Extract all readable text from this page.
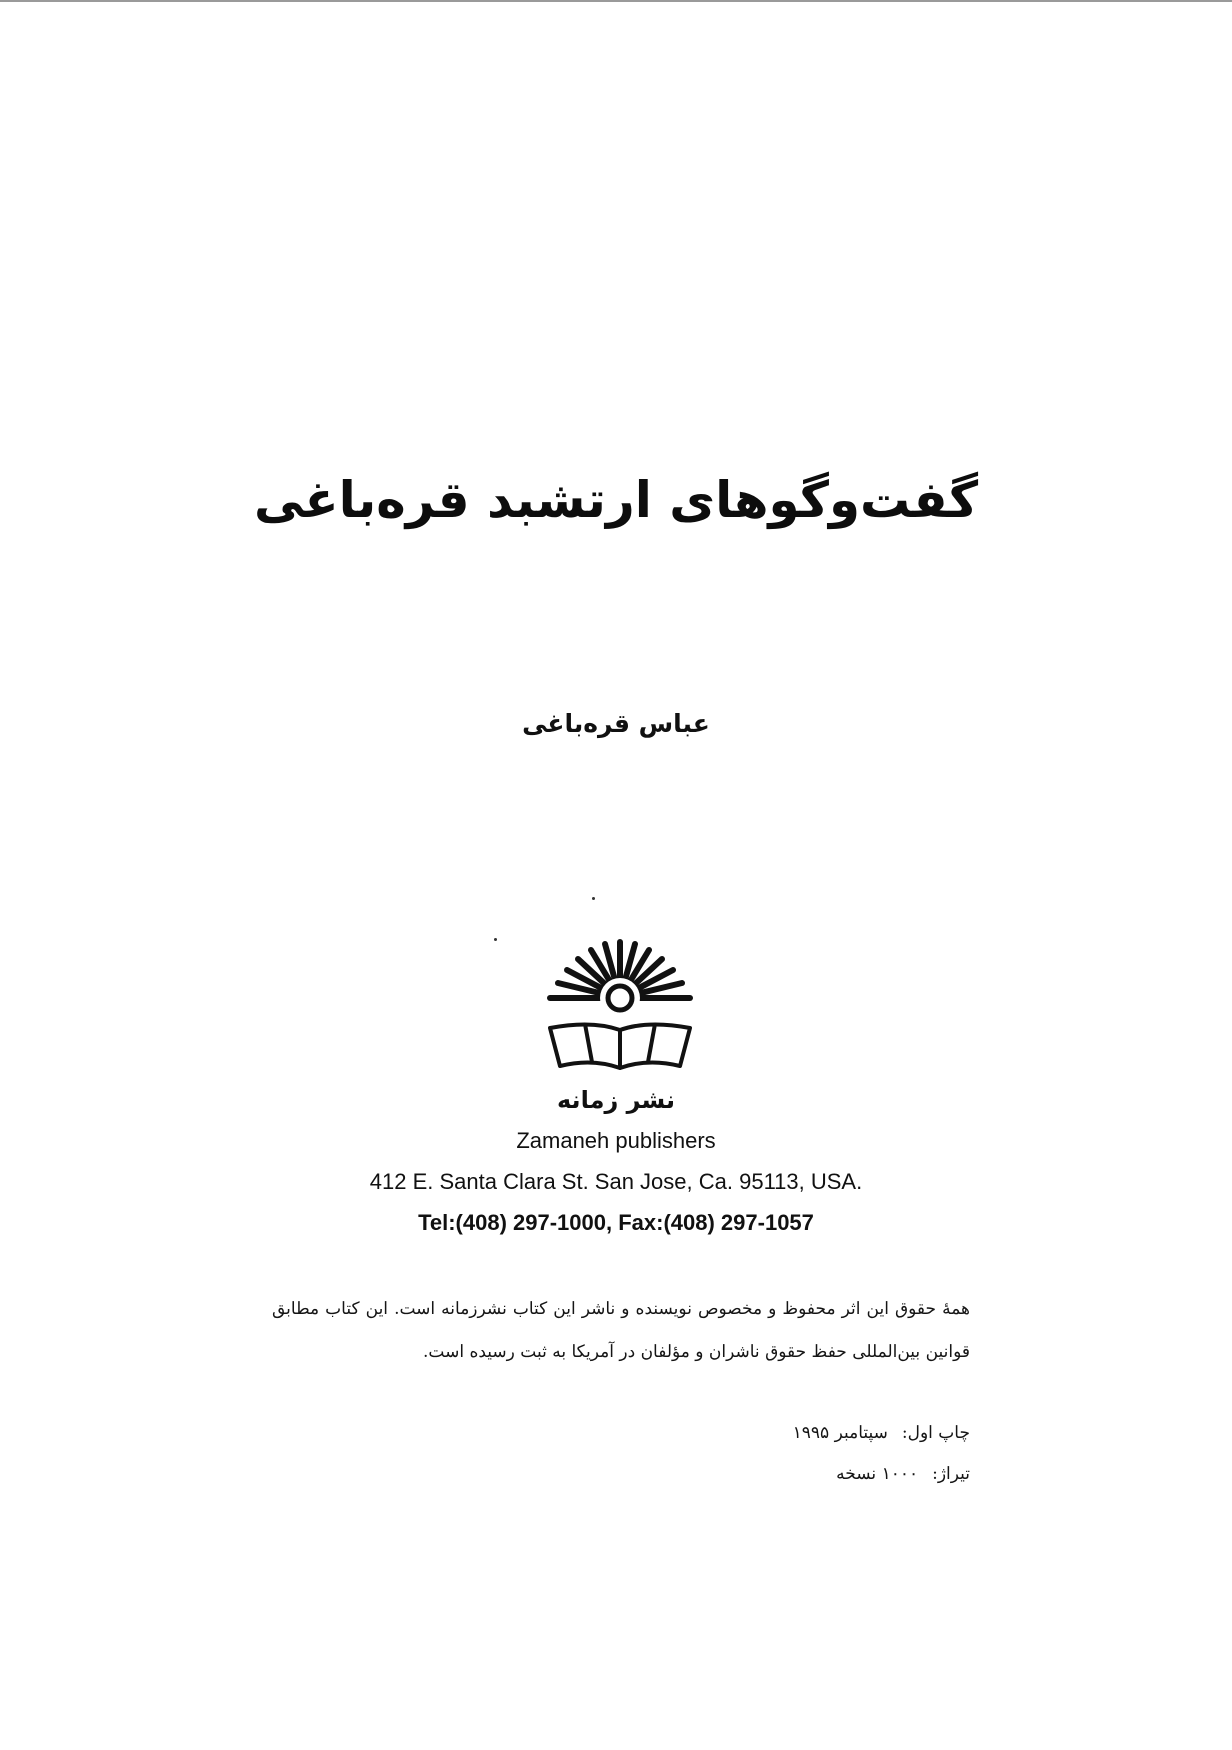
گفت‌وگوهای ارتشبد قره‌باغی
عباس قره‌باغی
نشر زمانه
Zamaneh publishers
412 E. Santa Clara St. San Jose, Ca. 95113, USA.
Tel:(408) 297-1000, Fax:(408) 297-1057
همهٔ حقوق این اثر محفوظ و مخصوص نویسنده و ناشر این کتاب نشرزمانه است. این کتاب مطابق قوانین بین‌المللی حفظ حقوق ناشران و مؤلفان در آمریکا به ثبت رسیده است.
چاپ اول:سپتامبر ۱۹۹۵
تیراژ:۱۰۰۰ نسخه
